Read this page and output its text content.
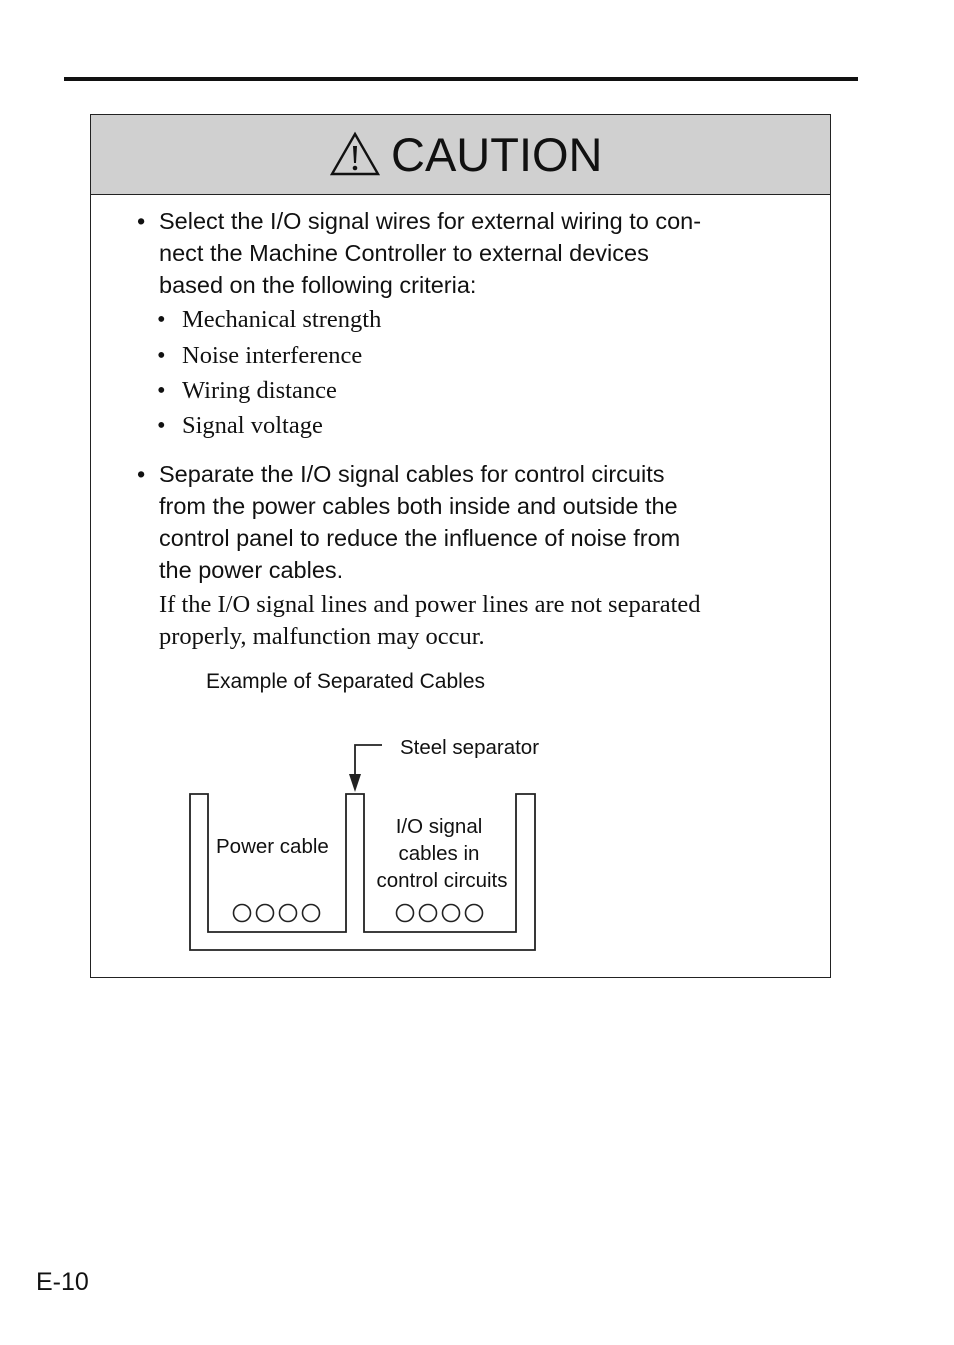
CAUTION
• Select the I/O signal wires for external wiring to con-
nect the Machine Controller to external devices
based on the following criteria:
• Mechanical strength
• Noise interference
• Wiring distance
• Signal voltage
• Separate the I/O signal cables for control circuits
from the power cables both inside and outside the
control panel to reduce the influence of noise from
the power cables.
If the I/O signal lines and power lines are not separated
properly, malfunction may occur.
Example of Separated Cables
Steel separator
Power cable
I/O signal
cables in
control circuits
E-10
